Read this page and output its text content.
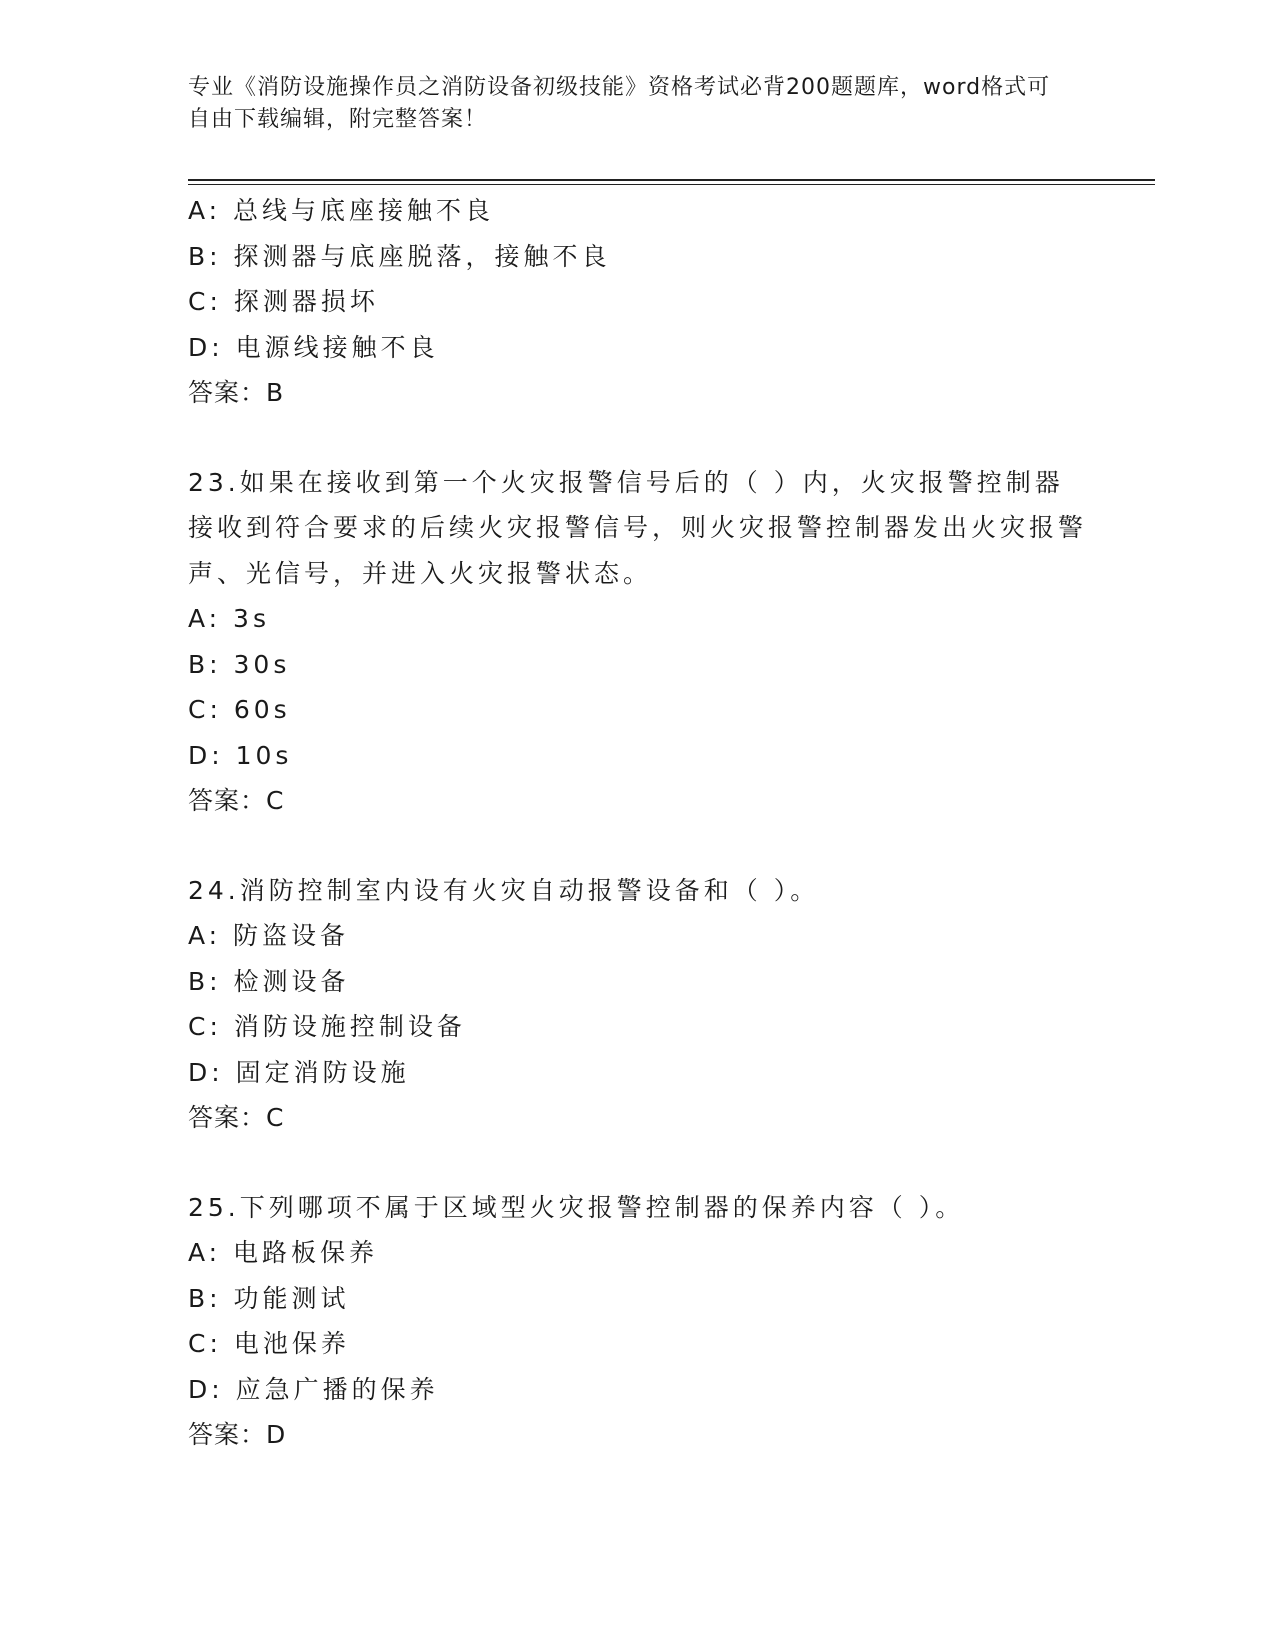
专业《消防设施操作员之消防设备初级技能》资格考试必背200题题库，word格式可自由下载编辑，附完整答案！
A: 总线与底座接触不良
B: 探测器与底座脱落，接触不良
C: 探测器损坏
D: 电源线接触不良
答案：B
23.如果在接收到第一个火灾报警信号后的（ ）内，火灾报警控制器接收到符合要求的后续火灾报警信号，则火灾报警控制器发出火灾报警声、光信号，并进入火灾报警状态。
A: 3s
B: 30s
C: 60s
D: 10s
答案：C
24.消防控制室内设有火灾自动报警设备和（ ）。
A: 防盗设备
B: 检测设备
C: 消防设施控制设备
D: 固定消防设施
答案：C
25.下列哪项不属于区域型火灾报警控制器的保养内容（ ）。
A: 电路板保养
B: 功能测试
C: 电池保养
D: 应急广播的保养
答案：D
